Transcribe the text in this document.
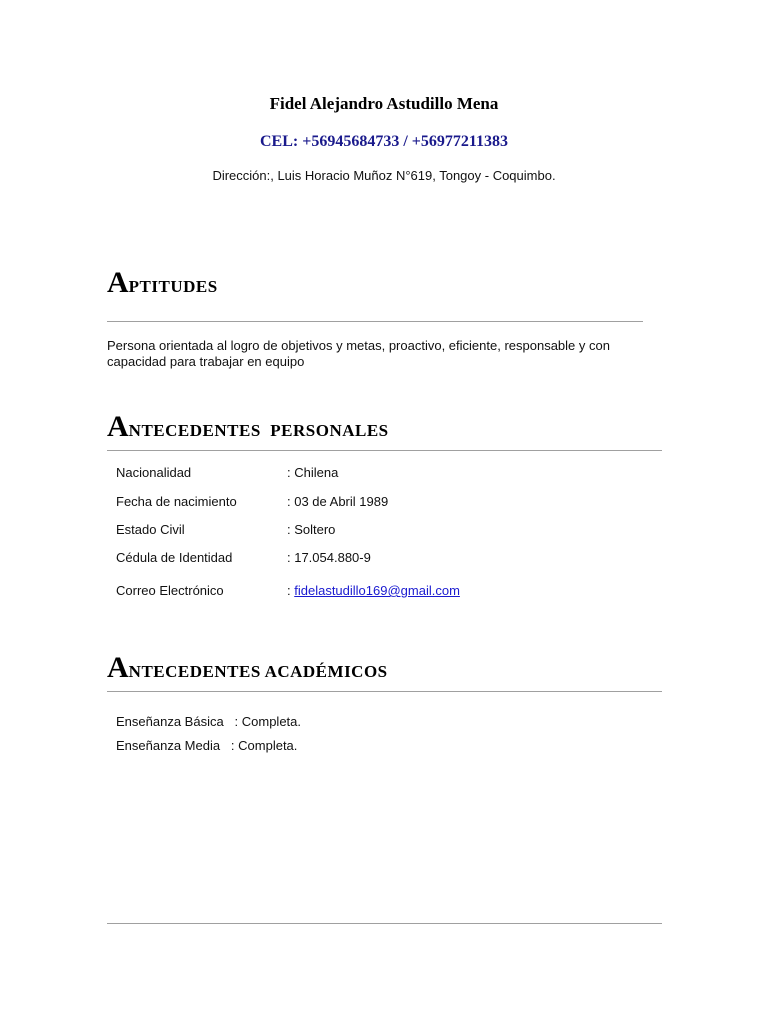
Fidel Alejandro Astudillo Mena
CEL: +56945684733 / +56977211383
Dirección:, Luis Horacio Muñoz N°619, Tongoy - Coquimbo.
APTITUDES
Persona orientada al logro de objetivos y metas, proactivo, eficiente, responsable y con capacidad para trabajar en equipo
ANTECEDENTES  PERSONALES
Nacionalidad	: Chilena
Fecha de nacimiento	: 03 de Abril 1989
Estado Civil	: Soltero
Cédula de Identidad	: 17.054.880-9
Correo Electrónico	: fidelastudillo169@gmail.com
ANTECEDENTES ACADÉMICOS
Enseñanza Básica : Completa.
Enseñanza Media : Completa.
